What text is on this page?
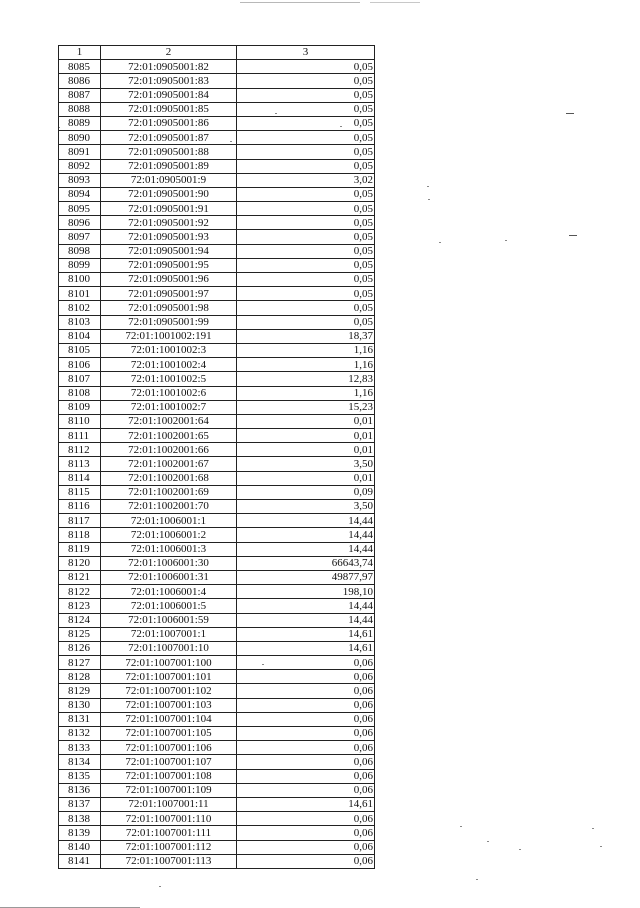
1	2	3
8085	72:01:0905001:82	0,05
8086	72:01:0905001:83	0,05
8087	72:01:0905001:84	0,05
8088	72:01:0905001:85	0,05
8089	72:01:0905001:86	0,05
8090	72:01:0905001:87	0,05
8091	72:01:0905001:88	0,05
8092	72:01:0905001:89	0,05
8093	72:01:0905001:9	3,02
8094	72:01:0905001:90	0,05
8095	72:01:0905001:91	0,05
8096	72:01:0905001:92	0,05
8097	72:01:0905001:93	0,05
8098	72:01:0905001:94	0,05
8099	72:01:0905001:95	0,05
8100	72:01:0905001:96	0,05
8101	72:01:0905001:97	0,05
8102	72:01:0905001:98	0,05
8103	72:01:0905001:99	0,05
8104	72:01:1001002:191	18,37
8105	72:01:1001002:3	1,16
8106	72:01:1001002:4	1,16
8107	72:01:1001002:5	12,83
8108	72:01:1001002:6	1,16
8109	72:01:1001002:7	15,23
8110	72:01:1002001:64	0,01
8111	72:01:1002001:65	0,01
8112	72:01:1002001:66	0,01
8113	72:01:1002001:67	3,50
8114	72:01:1002001:68	0,01
8115	72:01:1002001:69	0,09
8116	72:01:1002001:70	3,50
8117	72:01:1006001:1	14,44
8118	72:01:1006001:2	14,44
8119	72:01:1006001:3	14,44
8120	72:01:1006001:30	66643,74
8121	72:01:1006001:31	49877,97
8122	72:01:1006001:4	198,10
8123	72:01:1006001:5	14,44
8124	72:01:1006001:59	14,44
8125	72:01:1007001:1	14,61
8126	72:01:1007001:10	14,61
8127	72:01:1007001:100	0,06
8128	72:01:1007001:101	0,06
8129	72:01:1007001:102	0,06
8130	72:01:1007001:103	0,06
8131	72:01:1007001:104	0,06
8132	72:01:1007001:105	0,06
8133	72:01:1007001:106	0,06
8134	72:01:1007001:107	0,06
8135	72:01:1007001:108	0,06
8136	72:01:1007001:109	0,06
8137	72:01:1007001:11	14,61
8138	72:01:1007001:110	0,06
8139	72:01:1007001:111	0,06
8140	72:01:1007001:112	0,06
8141	72:01:1007001:113	0,06
